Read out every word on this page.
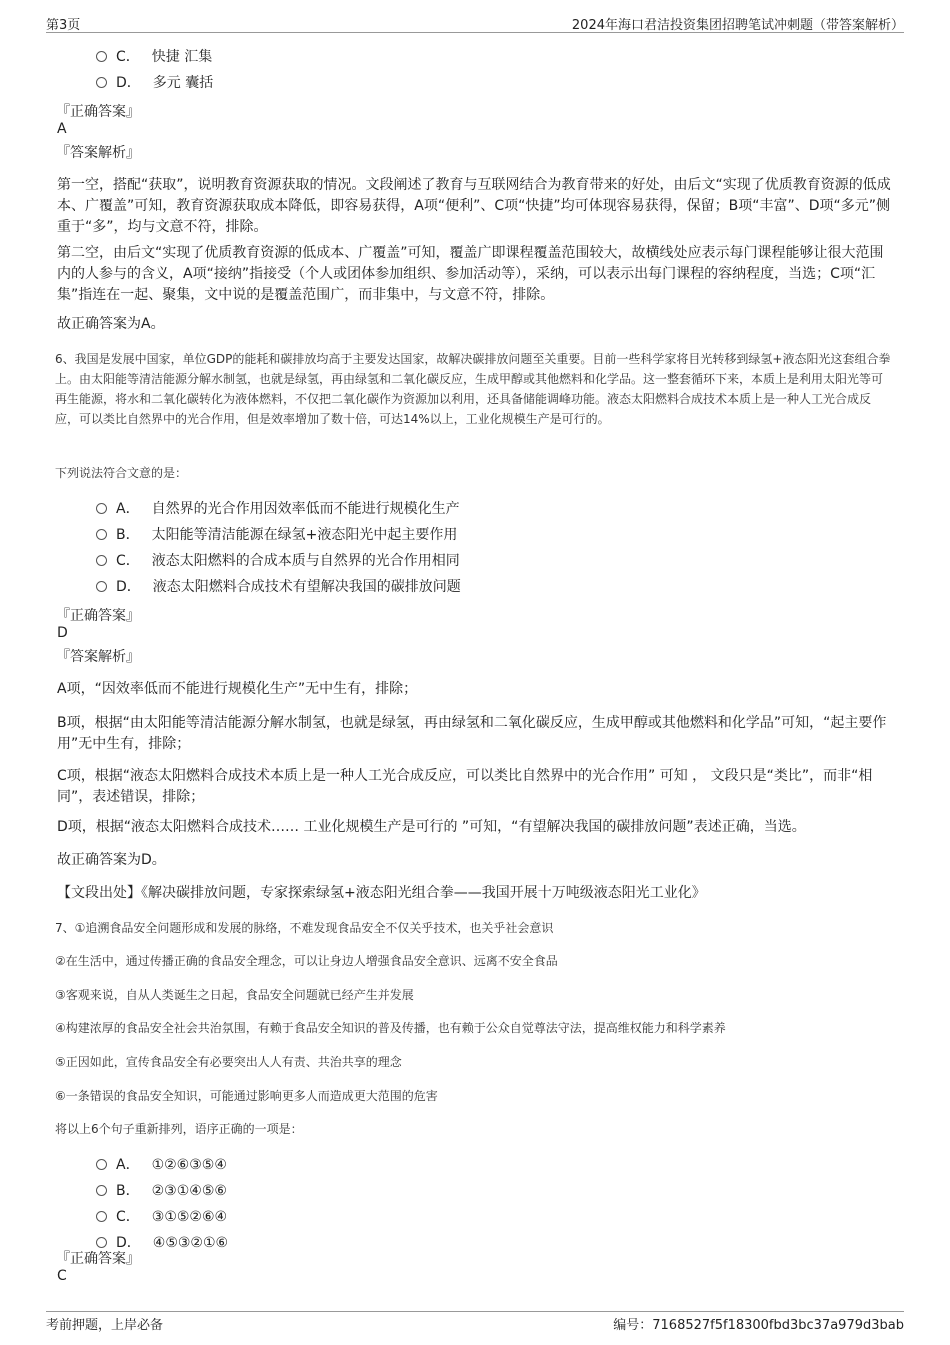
第3页	2024年海口君洁投资集团招聘笔试冲刺题（带答案解析）
C． 快捷 汇集
D． 多元 囊括
『正确答案』
A
『答案解析』
第一空，搭配“获取”，说明教育资源获取的情况。文段阐述了教育与互联网结合为教育带来的好处，由后文“实现了优质教育资源的低成本、广覆盖”可知，教育资源获取成本降低，即容易获得，A项“便利”、C项“快捷”均可体现容易获得，保留；B项“丰富”、D项“多元”侧重于“多”，均与文意不符，排除。
第二空，由后文“实现了优质教育资源的低成本、广覆盖”可知，覆盖广即课程覆盖范围较大，故横线处应表示每门课程能够让很大范围内的人参与的含义，A项“接纳”指接受（个人或团体参加组织、参加活动等），采纳，可以表示出每门课程的容纳程度，当选；C项“汇集”指连在一起、聚集，文中说的是覆盖范围广，而非集中，与文意不符，排除。
故正确答案为A。
6、我国是发展中国家，单位GDP的能耗和碳排放均高于主要发达国家，故解决碳排放问题至关重要。目前一些科学家将目光转移到绿氢+液态阳光这套组合拳上。由太阳能等清洁能源分解水制氢，也就是绿氢，再由绿氢和二氧化碳反应，生成甲醇或其他燃料和化学品。这一整套循环下来，本质上是利用太阳光等可再生能源，将水和二氧化碳转化为液体燃料，不仅把二氧化碳作为资源加以利用，还具备储能调峰功能。液态太阳燃料合成技术本质上是一种人工光合成反应，可以类比自然界中的光合作用，但是效率增加了数十倍，可达14%以上，工业化规模生产是可行的。
下列说法符合文意的是：
A． 自然界的光合作用因效率低而不能进行规模化生产
B． 太阳能等清洁能源在绿氢+液态阳光中起主要作用
C． 液态太阳燃料的合成本质与自然界的光合作用相同
D． 液态太阳燃料合成技术有望解决我国的碳排放问题
『正确答案』
D
『答案解析』
A项，“因效率低而不能进行规模化生产”无中生有，排除；
B项，根据“由太阳能等清洁能源分解水制氢，也就是绿氢，再由绿氢和二氧化碳反应，生成甲醇或其他燃料和化学品”可知，“起主要作用”无中生有，排除；
C项，根据“液态太阳燃料合成技术本质上是一种人工光合成反应，可以类比自然界中的光合作用” 可知 ， 文段只是“类比”，而非“相同”，表述错误，排除；
D项，根据“液态太阳燃料合成技术…… 工业化规模生产是可行的 ”可知，“有望解决我国的碳排放问题”表述正确，当选。
故正确答案为D。
【文段出处】《解决碳排放问题，专家探索绿氢+液态阳光组合拳——我国开展十万吨级液态阳光工业化》
7、①追溯食品安全问题形成和发展的脉络，不难发现食品安全不仅关乎技术，也关乎社会意识
②在生活中，通过传播正确的食品安全理念，可以让身边人增强食品安全意识、远离不安全食品
③客观来说，自从人类诞生之日起，食品安全问题就已经产生并发展
④构建浓厚的食品安全社会共治氛围，有赖于食品安全知识的普及传播，也有赖于公众自觉尊法守法，提高维权能力和科学素养
⑤正因如此，宣传食品安全有必要突出人人有责、共治共享的理念
⑥一条错误的食品安全知识，可能通过影响更多人而造成更大范围的危害
将以上6个句子重新排列，语序正确的一项是：
A． ①②⑥③⑤④
B． ②③①④⑤⑥
C． ③①⑤②⑥④
D． ④⑤③②①⑥
『正确答案』
C
考前押题，上岸必备	编号：7168527f5f18300fbd3bc37a979d3bab
